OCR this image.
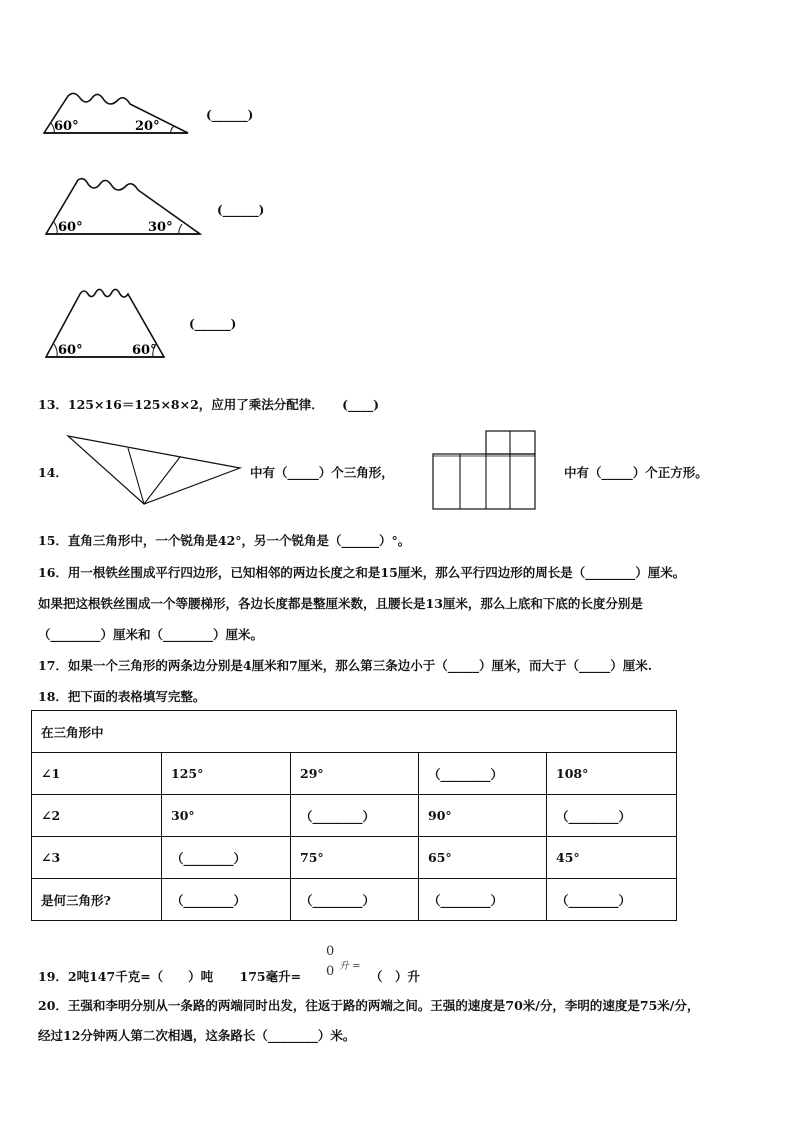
60°	20°
(______)
60°	30°
(______)
60°	60°
(______)
13．125×16＝125×8×2，应用了乘法分配律． (____)
14．	中有（_____）个三角形，	中有（_____）个正方形。
15．直角三角形中，一个锐角是42°，另一个锐角是（______）°。
16．用一根铁丝围成平行四边形，已知相邻的两边长度之和是15厘米，那么平行四边形的周长是（________）厘米。
如果把这根铁丝围成一个等腰梯形，各边长度都是整厘米数，且腰长是13厘米，那么上底和下底的长度分别是
（________）厘米和（________）厘米。
17．如果一个三角形的两条边分别是4厘米和7厘米，那么第三条边小于（_____）厘米，而大于（_____）厘米.
18．把下面的表格填写完整。
在三角形中				
∠1	125°	29°	（________）	108°
∠2	30°	（________）	90°	（________）
∠3	（________）	75°	65°	45°
是何三角形?	（________）	（________）	（________）	（________）
19．2吨147千克=（　　）吨 175毫升=
0
升 =
0	（　）升
20．王强和李明分别从一条路的两端同时出发，往返于路的两端之间。王强的速度是70米/分，李明的速度是75米/分，
经过12分钟两人第二次相遇，这条路长（________）米。
